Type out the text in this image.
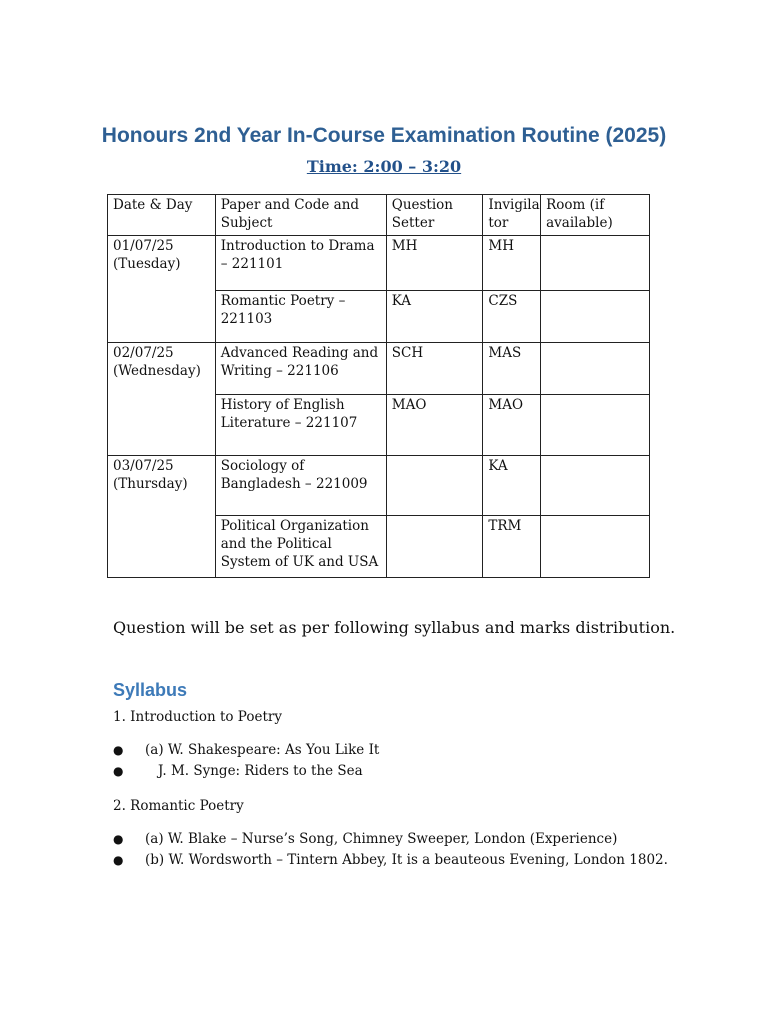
Honours 2nd Year In-Course Examination Routine (2025)

Time: 2:00 – 3:20

Date & Day	Paper and Code and Subject	Question Setter	Invigila tor	Room (if available)
01/07/25 (Tuesday)	Introduction to Drama – 221101	MH	MH	
	Romantic Poetry – 221103	KA	CZS	
02/07/25 (Wednesday)	Advanced Reading and Writing – 221106	SCH	MAS	
	History of English Literature – 221107	MAO	MAO	
03/07/25 (Thursday)	Sociology of Bangladesh – 221009		KA	
	Political Organization and the Political System of UK and USA		TRM	

Question will be set as per following syllabus and marks distribution.

Syllabus

1. Introduction to Poetry

● (a) W. Shakespeare: As You Like It
●	J. M. Synge: Riders to the Sea

2. Romantic Poetry

● (a) W. Blake – Nurse’s Song, Chimney Sweeper, London (Experience)
● (b) W. Wordsworth – Tintern Abbey, It is a beauteous Evening, London 1802.
